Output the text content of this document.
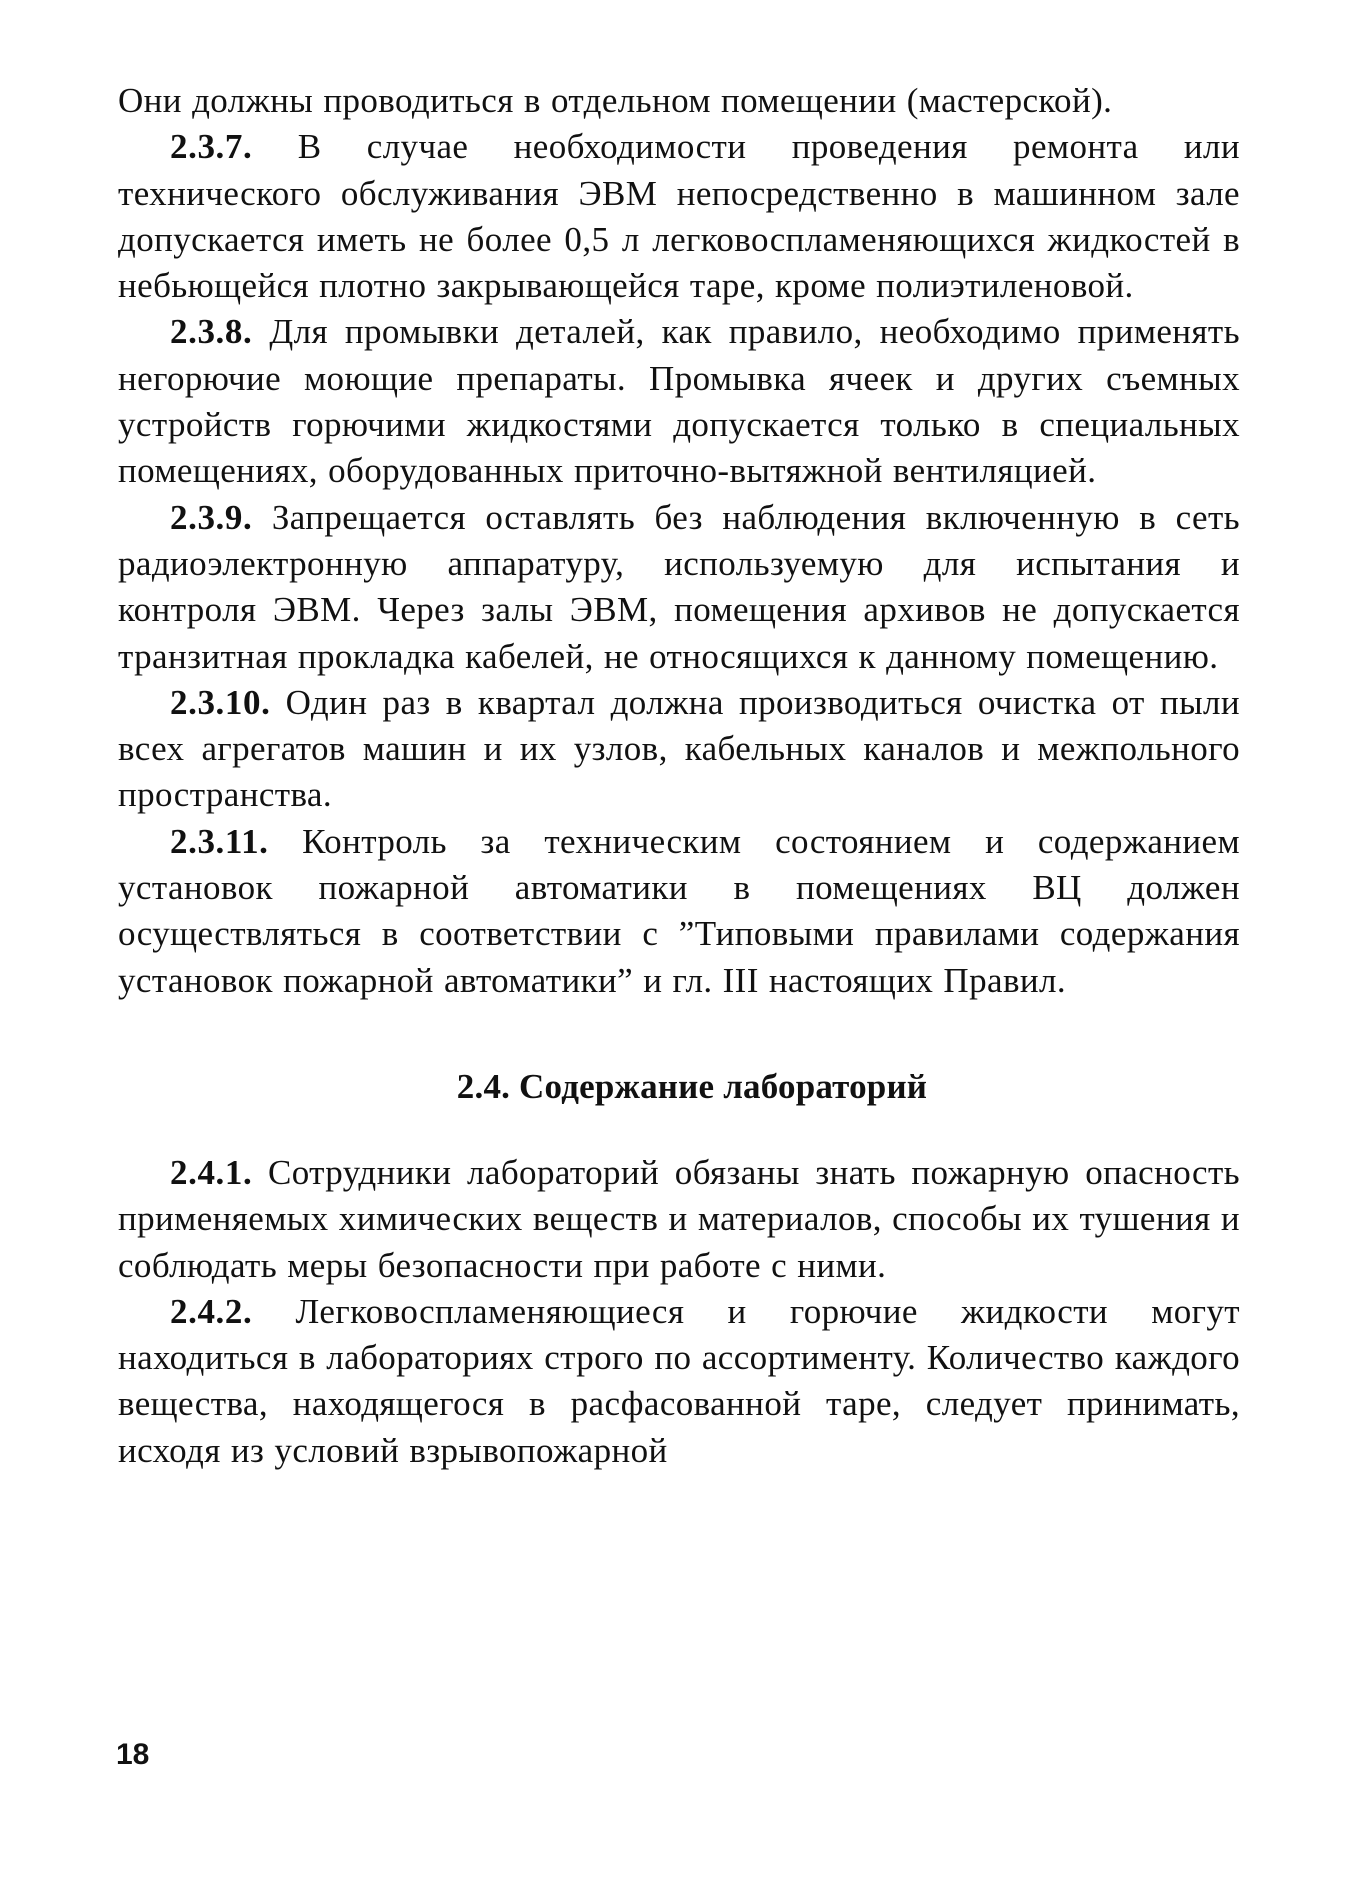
Они должны проводиться в отдельном помещении (мастерской).

2.3.7. В случае необходимости проведения ремонта или технического обслуживания ЭВМ непосредственно в машинном зале допускается иметь не более 0,5 л легковоспламеняющихся жидкостей в небьющейся плотно закрывающейся таре, кроме полиэтиленовой.

2.3.8. Для промывки деталей, как правило, необходимо применять негорючие моющие препараты. Промывка ячеек и других съемных устройств горючими жидкостями допускается только в специальных помещениях, оборудованных приточно-вытяжной вентиляцией.

2.3.9. Запрещается оставлять без наблюдения включенную в сеть радиоэлектронную аппаратуру, используемую для испытания и контроля ЭВМ. Через залы ЭВМ, помещения архивов не допускается транзитная прокладка кабелей, не относящихся к данному помещению.

2.3.10. Один раз в квартал должна производиться очистка от пыли всех агрегатов машин и их узлов, кабельных каналов и межпольного пространства.

2.3.11. Контроль за техническим состоянием и содержанием установок пожарной автоматики в помещениях ВЦ должен осуществляться в соответствии с ”Типовыми правилами содержания установок пожарной автоматики” и гл. III настоящих Правил.

2.4. Содержание лабораторий

2.4.1. Сотрудники лабораторий обязаны знать пожарную опасность применяемых химических веществ и материалов, способы их тушения и соблюдать меры безопасности при работе с ними.

2.4.2. Легковоспламеняющиеся и горючие жидкости могут находиться в лабораториях строго по ассортименту. Количество каждого вещества, находящегося в расфасованной таре, следует принимать, исходя из условий взрывопожарной

18
